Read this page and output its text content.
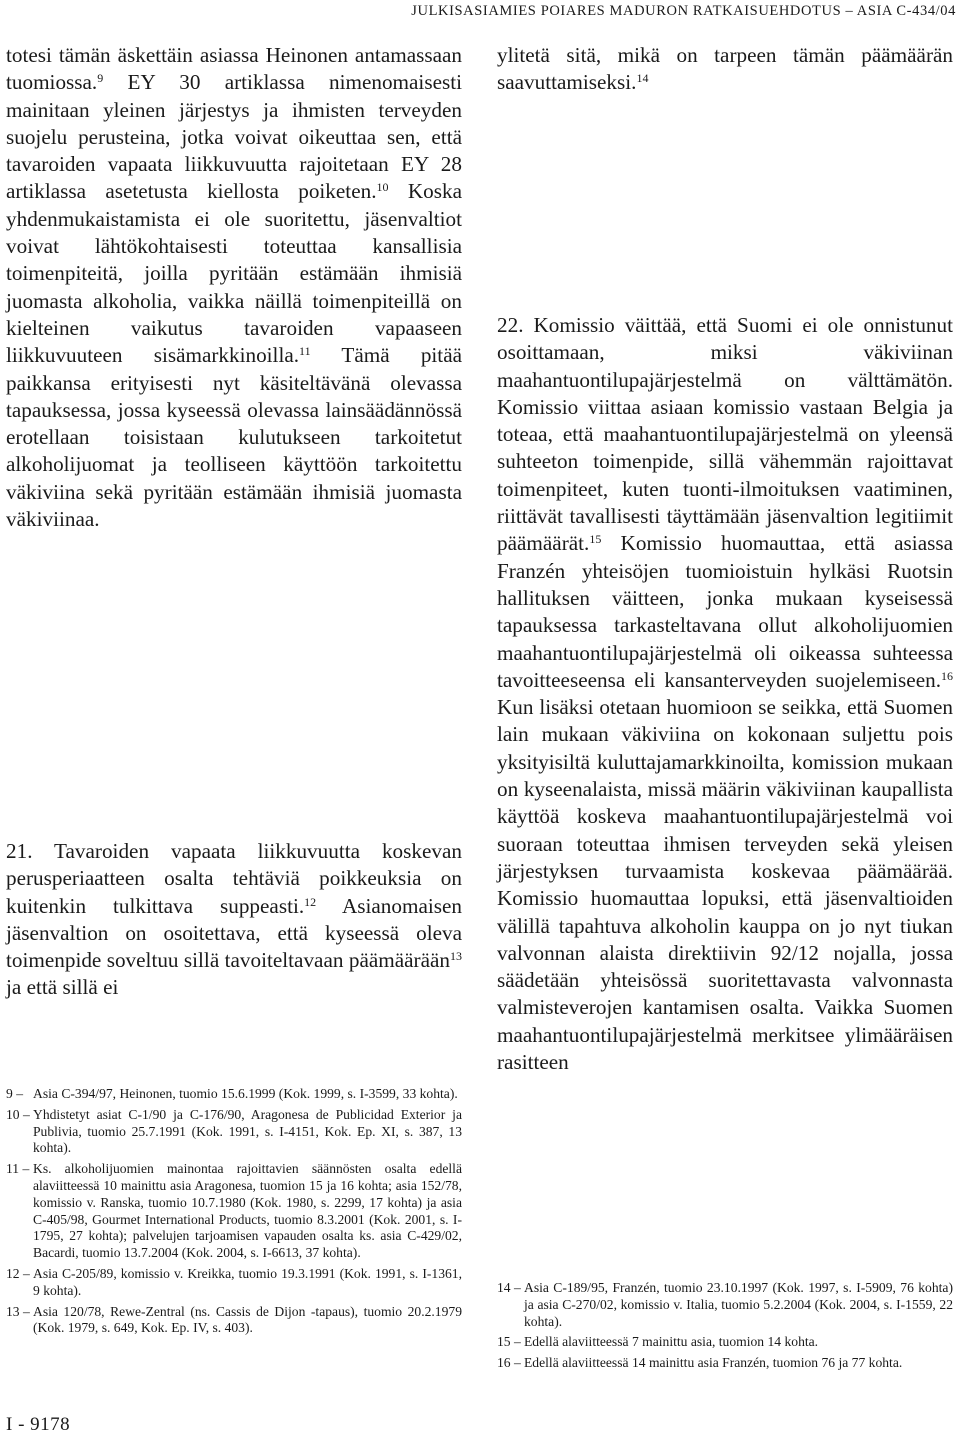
JULKISASIAMIES POIARES MADURON RATKAISUEHDOTUS – ASIA C-434/04

totesi tämän äskettäin asiassa Heinonen antamassaan tuomiossa.$^9$ EY 30 artiklassa nimenomaisesti mainitaan yleinen järjestys ja ihmisten terveyden suojelu perusteina, jotka voivat oikeuttaa sen, että tavaroiden vapaata liikkuvuutta rajoitetaan EY 28 artiklassa asetetusta kiellosta poiketen.$^{10}$ Koska yhdenmukaistamista ei ole suoritettu, jäsenvaltiot voivat lähtökohtaisesti toteuttaa kansallisia toimenpiteitä, joilla pyritään estämään ihmisiä juomasta alkoholia, vaikka näillä toimenpiteillä on kielteinen vaikutus tavaroiden vapaaseen liikkuvuuteen sisämarkkinoilla.$^{11}$ Tämä pitää paikkansa erityisesti nyt käsiteltävänä olevassa tapauksessa, jossa kyseessä olevassa lainsäädännössä erotellaan toisistaan kulutukseen tarkoitetut alkoholijuomat ja teolliseen käyttöön tarkoitettu väkiviina sekä pyritään estämään ihmisiä juomasta väkiviinaa.

21. Tavaroiden vapaata liikkuvuutta koskevan perusperiaatteen osalta tehtäviä poikkeuksia on kuitenkin tulkittava suppeasti.$^{12}$ Asianomaisen jäsenvaltion on osoitettava, että kyseessä oleva toimenpide soveltuu sillä tavoiteltavaan päämäärään$^{13}$ ja että sillä ei

9 – Asia C-394/97, Heinonen, tuomio 15.6.1999 (Kok. 1999, s. I-3599, 33 kohta).
10 – Yhdistetyt asiat C-1/90 ja C-176/90, Aragonesa de Publicidad Exterior ja Publivia, tuomio 25.7.1991 (Kok. 1991, s. I-4151, Kok. Ep. XI, s. 387, 13 kohta).
11 – Ks. alkoholijuomien mainontaa rajoittavien säännösten osalta edellä alaviitteessä 10 mainittu asia Aragonesa, tuomion 15 ja 16 kohta; asia 152/78, komissio v. Ranska, tuomio 10.7.1980 (Kok. 1980, s. 2299, 17 kohta) ja asia C-405/98, Gourmet International Products, tuomio 8.3.2001 (Kok. 2001, s. I-1795, 27 kohta); palvelujen tarjoamisen vapauden osalta ks. asia C-429/02, Bacardi, tuomio 13.7.2004 (Kok. 2004, s. I-6613, 37 kohta).
12 – Asia C-205/89, komissio v. Kreikka, tuomio 19.3.1991 (Kok. 1991, s. I-1361, 9 kohta).
13 – Asia 120/78, Rewe-Zentral (ns. Cassis de Dijon -tapaus), tuomio 20.2.1979 (Kok. 1979, s. 649, Kok. Ep. IV, s. 403).

ylitetä sitä, mikä on tarpeen tämän päämäärän saavuttamiseksi.$^{14}$

22. Komissio väittää, että Suomi ei ole onnistunut osoittamaan, miksi väkiviinan maahantuontilupajärjestelmä on välttämätön. Komissio viittaa asiaan komissio vastaan Belgia ja toteaa, että maahantuontilupajärjestelmä on yleensä suhteeton toimenpide, sillä vähemmän rajoittavat toimenpiteet, kuten tuonti-ilmoituksen vaatiminen, riittävät tavallisesti täyttämään jäsenvaltion legitiimit päämäärät.$^{15}$ Komissio huomauttaa, että asiassa Franzén yhteisöjen tuomioistuin hylkäsi Ruotsin hallituksen väitteen, jonka mukaan kyseisessä tapauksessa tarkasteltavana ollut alkoholijuomien maahantuontilupajärjestelmä oli oikeassa suhteessa tavoitteeseensa eli kansanterveyden suojelemiseen.$^{16}$ Kun lisäksi otetaan huomioon se seikka, että Suomen lain mukaan väkiviina on kokonaan suljettu pois yksityisiltä kuluttajamarkkinoilta, komission mukaan on kyseenalaista, missä määrin väkiviinan kaupallista käyttöä koskeva maahantuontilupajärjestelmä voi suoraan toteuttaa ihmisen terveyden sekä yleisen järjestyksen turvaamista koskevaa päämäärää. Komissio huomauttaa lopuksi, että jäsenvaltioiden välillä tapahtuva alkoholin kauppa on jo nyt tiukan valvonnan alaista direktiivin 92/12 nojalla, jossa säädetään yhteisössä suoritettavasta valvonnasta valmisteverojen kantamisen osalta. Vaikka Suomen maahantuontilupajärjestelmä merkitsee ylimääräisen rasitteen

14 – Asia C-189/95, Franzén, tuomio 23.10.1997 (Kok. 1997, s. I-5909, 76 kohta) ja asia C-270/02, komissio v. Italia, tuomio 5.2.2004 (Kok. 2004, s. I-1559, 22 kohta).
15 – Edellä alaviitteessä 7 mainittu asia, tuomion 14 kohta.
16 – Edellä alaviitteessä 14 mainittu asia Franzén, tuomion 76 ja 77 kohta.
I - 9178
